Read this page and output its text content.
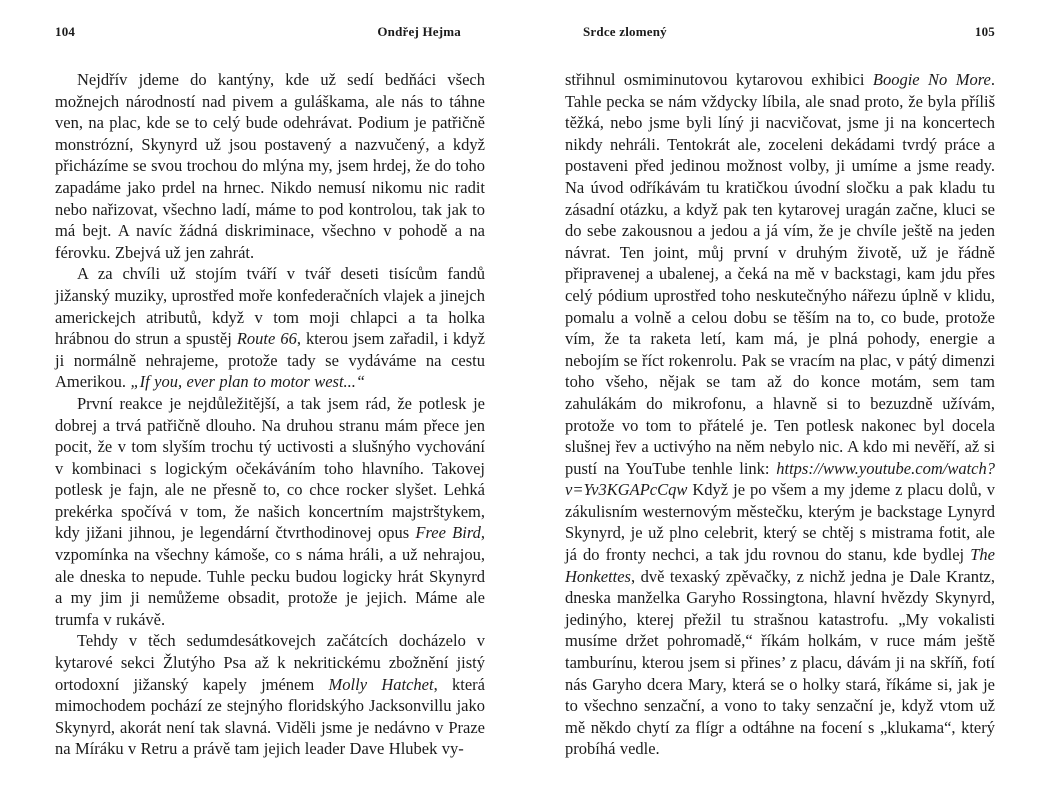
104	Ondřej Hejma

Nejdřív jdeme do kantýny, kde už sedí bedňáci všech možnejch národností nad pivem a guláškama, ale nás to táhne ven, na plac, kde se to celý bude odehrávat. Podium je patřičně monstrózní, Skynyrd už jsou postavený a nazvučený, a když přicházíme se svou trochou do mlýna my, jsem hrdej, že do toho zapadáme jako prdel na hrnec. Nikdo nemusí nikomu nic radit nebo nařizovat, všechno ladí, máme to pod kontrolou, tak jak to má bejt. A navíc žádná diskriminace, všechno v pohodě a na férovku. Zbejvá už jen zahrát.

A za chvíli už stojím tváří v tvář deseti tisícům fandů jižanský muziky, uprostřed moře konfederačních vlajek a jinejch americkejch atributů, když v tom moji chlapci a ta holka hrábnou do strun a spustěj Route 66, kterou jsem zařadil, i když ji normálně nehrajeme, protože tady se vydáváme na cestu Amerikou. „If you, ever plan to motor west...“

První reakce je nejdůležitější, a tak jsem rád, že potlesk je dobrej a trvá patřičně dlouho. Na druhou stranu mám přece jen pocit, že v tom slyším trochu tý uctivosti a slušnýho vychování v kombinaci s logickým očekáváním toho hlavního. Takovej potlesk je fajn, ale ne přesně to, co chce rocker slyšet. Lehká prekérka spočívá v tom, že našich koncertním majstrštykem, kdy jižani jihnou, je legendární čtvrthodinovej opus Free Bird, vzpomínka na všechny kámoše, co s náma hráli, a už nehrajou, ale dneska to nepude. Tuhle pecku budou logicky hrát Skynyrd a my jim ji nemůžeme obsadit, protože je jejich. Máme ale trumfa v rukávě.

Tehdy v těch sedumdesátkovejch začátcích docházelo v kytarové sekci Žlutýho Psa až k nekritickému zbožnění jistý ortodoxní jižanský kapely jménem Molly Hatchet, která mimochodem pochází ze stejnýho floridskýho Jacksonvillu jako Skynyrd, akorát není tak slavná. Viděli jsme je nedávno v Praze na Míráku v Retru a právě tam jejich leader Dave Hlubek vy-

Srdce zlomený	105

střihnul osmiminutovou kytarovou exhibici Boogie No More. Tahle pecka se nám vždycky líbila, ale snad proto, že byla příliš těžká, nebo jsme byli líný ji nacvičovat, jsme ji na koncertech nikdy nehráli. Tentokrát ale, zoceleni dekádami tvrdý práce a postaveni před jedinou možnost volby, ji umíme a jsme ready. Na úvod odříkávám tu kratičkou úvodní sločku a pak kladu tu zásadní otázku, a když pak ten kytarovej uragán začne, kluci se do sebe zakousnou a jedou a já vím, že je chvíle ještě na jeden návrat. Ten joint, můj první v druhým životě, už je řádně připravenej a ubalenej, a čeká na mě v backstagi, kam jdu přes celý pódium uprostřed toho neskutečnýho nářezu úplně v klidu, pomalu a volně a celou dobu se těším na to, co bude, protože vím, že ta raketa letí, kam má, je plná pohody, energie a nebojím se říct rokenrolu. Pak se vracím na plac, v pátý dimenzi toho všeho, nějak se tam až do konce motám, sem tam zahulákám do mikrofonu, a hlavně si to bezuzdně užívám, protože vo tom to přátelé je. Ten potlesk nakonec byl docela slušnej řev a uctivýho na něm nebylo nic. A kdo mi nevěří, až si pustí na YouTube tenhle link: https://www.youtube.com/watch?v=Yv3KGAPcCqw Když je po všem a my jdeme z placu dolů, v zákulisním westernovým městečku, kterým je backstage Lynyrd Skynyrd, je už plno celebrit, který se chtěj s mistrama fotit, ale já do fronty nechci, a tak jdu rovnou do stanu, kde bydlej The Honkettes, dvě texaský zpěvačky, z nichž jedna je Dale Krantz, dneska manželka Garyho Rossingtona, hlavní hvězdy Skynyrd, jedinýho, kterej přežil tu strašnou katastrofu. „My vokalisti musíme držet pohromadě,“ říkám holkám, v ruce mám ještě tamburínu, kterou jsem si přines’ z placu, dávám ji na skříň, fotí nás Garyho dcera Mary, která se o holky stará, říkáme si, jak je to všechno senzační, a vono to taky senzační je, když vtom už mě někdo chytí za flígr a odtáhne na focení s „klukama“, který probíhá vedle.
